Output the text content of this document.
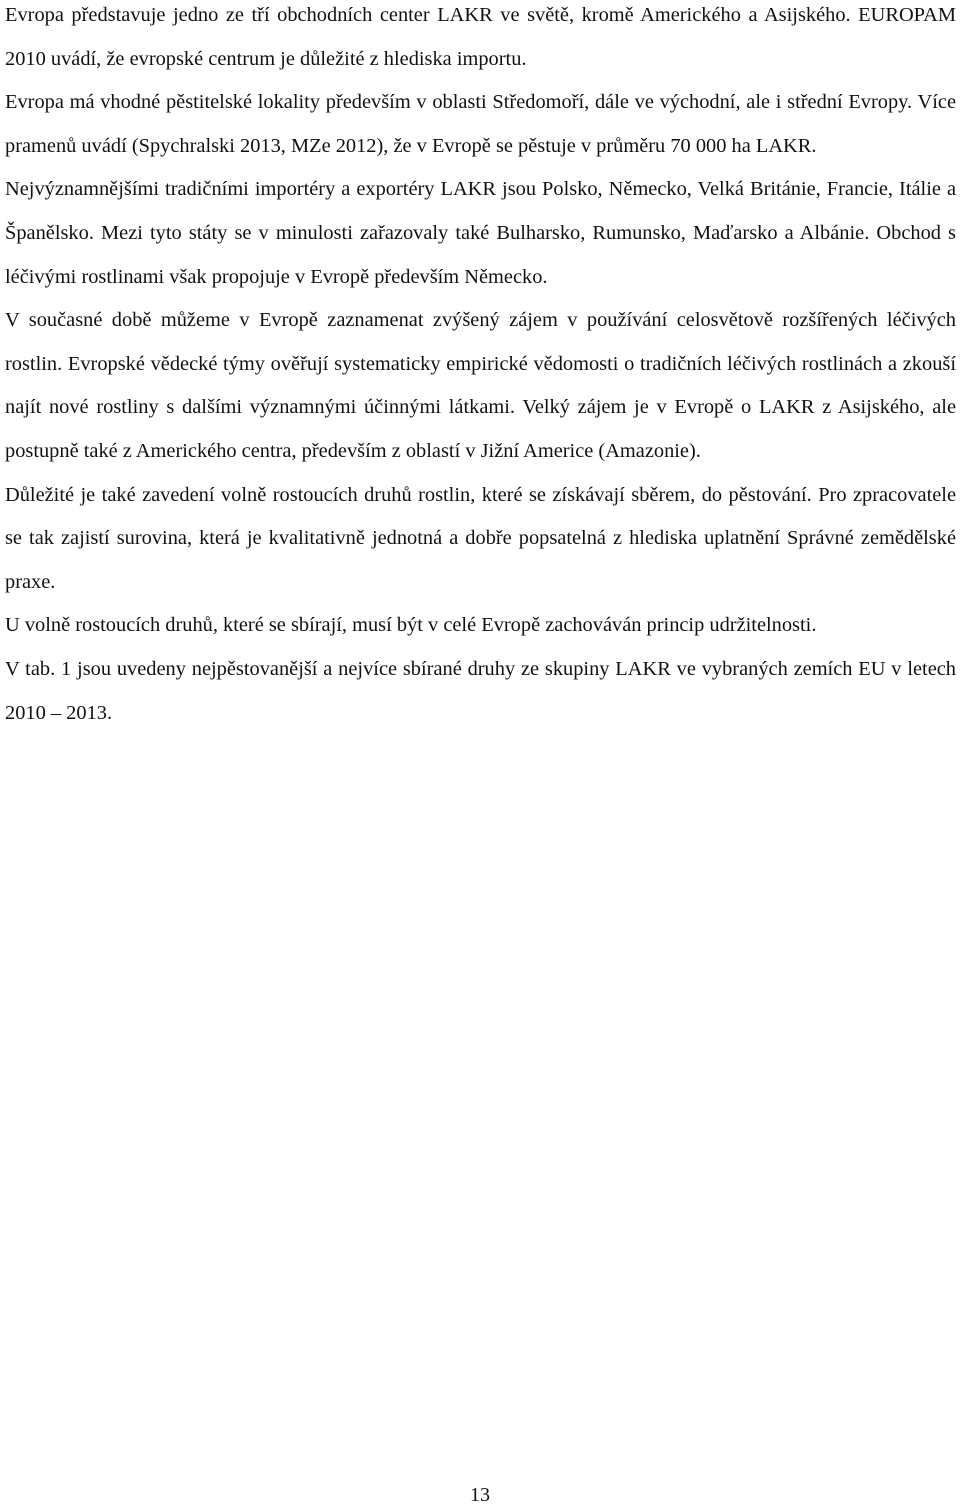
Evropa představuje jedno ze tří obchodních center LAKR ve světě, kromě Amerického a Asijského. EUROPAM 2010 uvádí, že evropské centrum je důležité z hlediska importu.

Evropa má vhodné pěstitelské lokality především v oblasti Středomoří, dále ve východní, ale i střední Evropy. Více pramenů uvádí (Spychralski 2013, MZe 2012), že v Evropě se pěstuje v průměru 70 000 ha LAKR.

Nejvýznamnějšími tradičními importéry a exportéry LAKR jsou Polsko, Německo, Velká Británie, Francie, Itálie a Španělsko. Mezi tyto státy se v minulosti zařazovaly také Bulharsko, Rumunsko, Maďarsko a Albánie. Obchod s léčivými rostlinami však propojuje v Evropě především Německo.

V současné době můžeme v Evropě zaznamenat zvýšený zájem v používání celosvětově rozšířených léčivých rostlin. Evropské vědecké týmy ověřují systematicky empirické vědomosti o tradičních léčivých rostlinách a zkouší najít nové rostliny s dalšími významnými účinnými látkami. Velký zájem je v Evropě o LAKR z Asijského, ale postupně také z Amerického centra, především z oblastí v Jižní Americe (Amazonie).

Důležité je také zavedení volně rostoucích druhů rostlin, které se získávají sběrem, do pěstování. Pro zpracovatele se tak zajistí surovina, která je kvalitativně jednotná a dobře popsatelná z hlediska uplatnění Správné zemědělské praxe.

U volně rostoucích druhů, které se sbírají, musí být v celé Evropě zachováván princip udržitelnosti.

V tab. 1 jsou uvedeny nejpěstovanější a nejvíce sbírané druhy ze skupiny LAKR ve vybraných zemích EU v letech 2010 – 2013.

13
